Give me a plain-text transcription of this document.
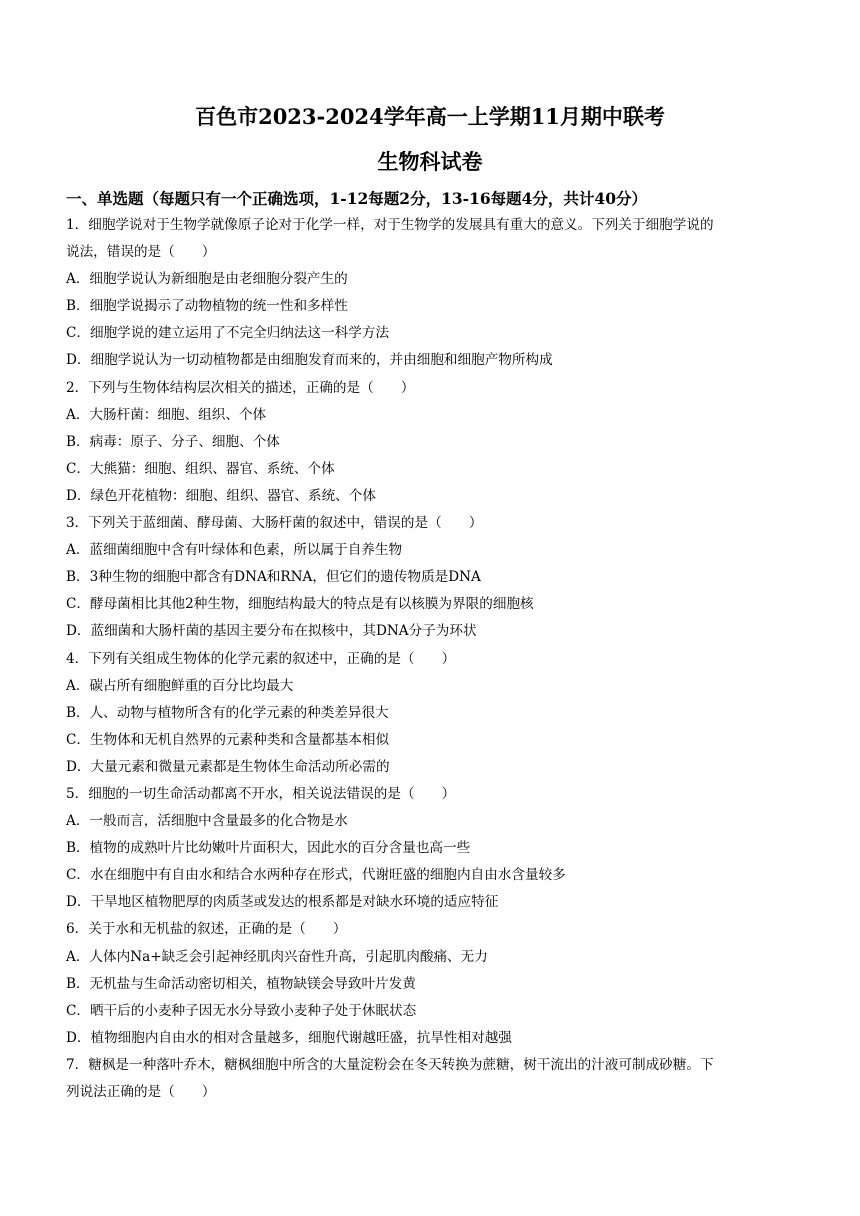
百色市2023-2024学年高一上学期11月期中联考
生物科试卷
一、单选题（每题只有一个正确选项，1-12每题2分，13-16每题4分，共计40分）
1．细胞学说对于生物学就像原子论对于化学一样，对于生物学的发展具有重大的意义。下列关于细胞学说的
说法，错误的是（　　）
A．细胞学说认为新细胞是由老细胞分裂产生的
B．细胞学说揭示了动物植物的统一性和多样性
C．细胞学说的建立运用了不完全归纳法这一科学方法
D．细胞学说认为一切动植物都是由细胞发育而来的，并由细胞和细胞产物所构成
2．下列与生物体结构层次相关的描述，正确的是（　　）
A．大肠杆菌：细胞、组织、个体
B．病毒：原子、分子、细胞、个体
C．大熊猫：细胞、组织、器官、系统、个体
D．绿色开花植物：细胞、组织、器官、系统、个体
3．下列关于蓝细菌、酵母菌、大肠杆菌的叙述中，错误的是（　　）
A．蓝细菌细胞中含有叶绿体和色素，所以属于自养生物
B．3种生物的细胞中都含有DNA和RNA，但它们的遗传物质是DNA
C．酵母菌相比其他2种生物，细胞结构最大的特点是有以核膜为界限的细胞核
D．蓝细菌和大肠杆菌的基因主要分布在拟核中，其DNA分子为环状
4．下列有关组成生物体的化学元素的叙述中，正确的是（　　）
A．碳占所有细胞鲜重的百分比均最大
B．人、动物与植物所含有的化学元素的种类差异很大
C．生物体和无机自然界的元素种类和含量都基本相似
D．大量元素和微量元素都是生物体生命活动所必需的
5．细胞的一切生命活动都离不开水，相关说法错误的是（　　）
A．一般而言，活细胞中含量最多的化合物是水
B．植物的成熟叶片比幼嫩叶片面积大，因此水的百分含量也高一些
C．水在细胞中有自由水和结合水两种存在形式，代谢旺盛的细胞内自由水含量较多
D．干旱地区植物肥厚的肉质茎或发达的根系都是对缺水环境的适应特征
6．关于水和无机盐的叙述，正确的是（　　）
A．人体内Na+缺乏会引起神经肌肉兴奋性升高，引起肌肉酸痛、无力
B．无机盐与生命活动密切相关，植物缺镁会导致叶片发黄
C．晒干后的小麦种子因无水分导致小麦种子处于休眠状态
D．植物细胞内自由水的相对含量越多，细胞代谢越旺盛，抗旱性相对越强
7．糖枫是一种落叶乔木，糖枫细胞中所含的大量淀粉会在冬天转换为蔗糖，树干流出的汁液可制成砂糖。下
列说法正确的是（　　）
